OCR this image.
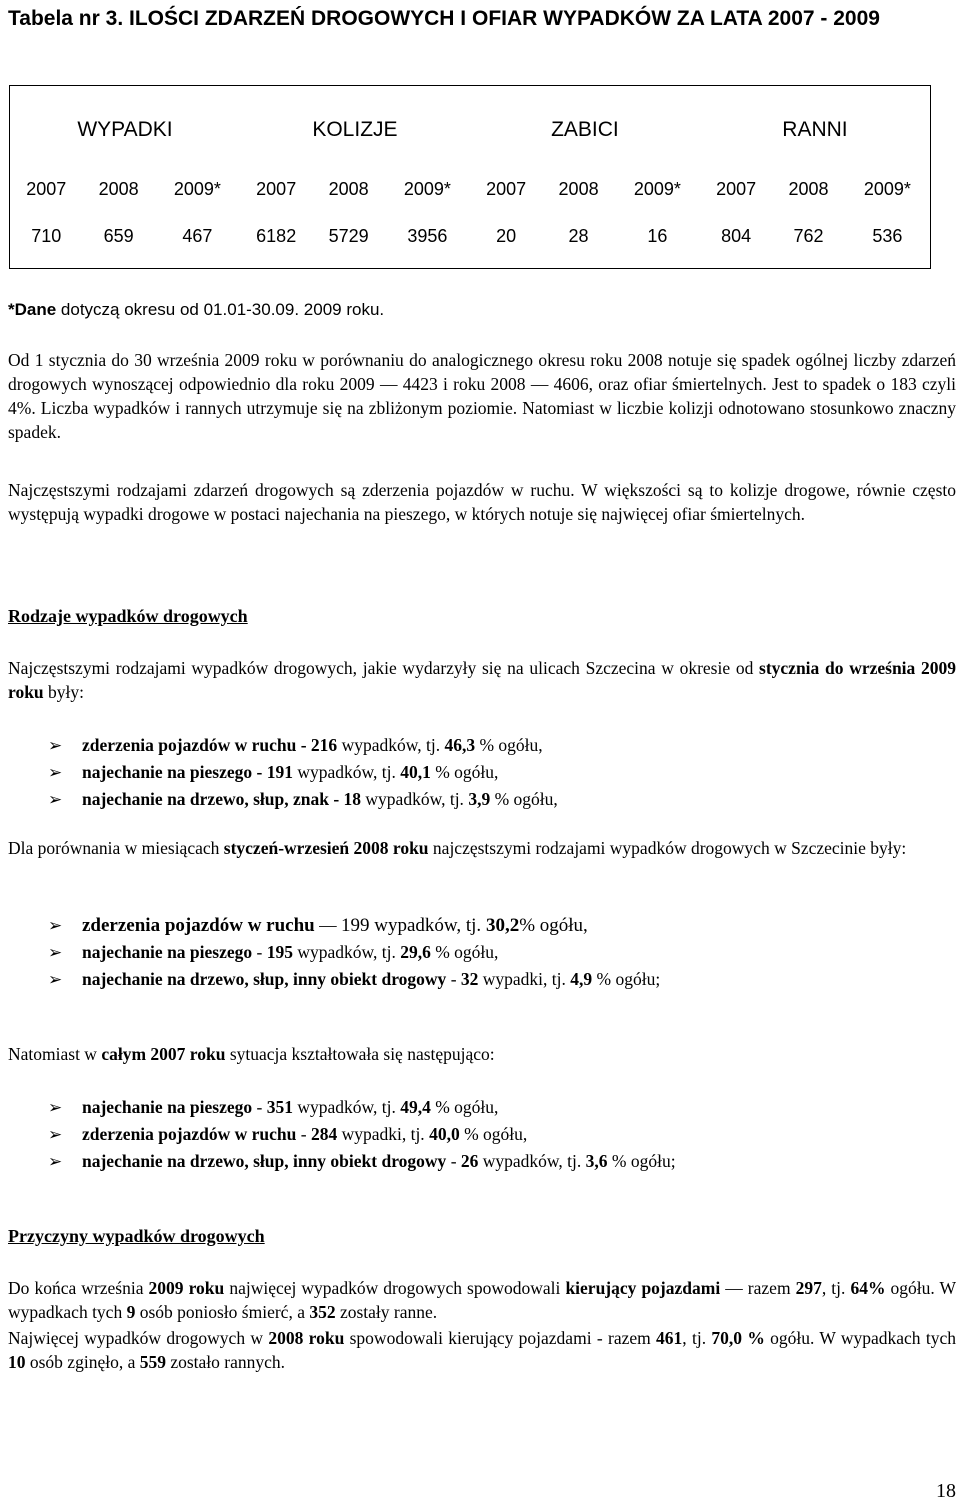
Tabela nr 3. ILOŚCI ZDARZEŃ DROGOWYCH I OFIAR WYPADKÓW ZA LATA 2007 - 2009
WYPADKI			KOLIZJE			ZABICI			RANNI		
2007	2008	2009*	2007	2008	2009*	2007	2008	2009*	2007	2008	2009*
710	659	467	6182	5729	3956	20	28	16	804	762	536
*Dane dotyczą okresu od 01.01-30.09. 2009 roku.
Od 1 stycznia do 30 września 2009 roku w porównaniu do analogicznego okresu roku 2008 notuje się spadek ogólnej liczby zdarzeń drogowych wynoszącej odpowiednio dla roku 2009 — 4423 i roku 2008 — 4606, oraz ofiar śmiertelnych. Jest to spadek o 183 czyli 4%. Liczba wypadków i rannych utrzymuje się na zbliżonym poziomie. Natomiast w liczbie kolizji odnotowano stosunkowo znaczny spadek.
Najczęstszymi rodzajami zdarzeń drogowych są zderzenia pojazdów w ruchu. W większości są to kolizje drogowe, równie często występują wypadki drogowe w postaci najechania na pieszego, w których notuje się najwięcej ofiar śmiertelnych.
Rodzaje wypadków drogowych
Najczęstszymi rodzajami wypadków drogowych, jakie wydarzyły się na ulicach Szczecina w okresie od stycznia do września 2009 roku były:
➢ zderzenia pojazdów w ruchu - 216 wypadków, tj. 46,3 % ogółu,
➢ najechanie na pieszego - 191 wypadków, tj. 40,1 % ogółu,
➢ najechanie na drzewo, słup, znak - 18 wypadków, tj. 3,9 % ogółu,
Dla porównania w miesiącach styczeń-wrzesień 2008 roku najczęstszymi rodzajami wypadków drogowych w Szczecinie były:
➢ zderzenia pojazdów w ruchu — 199 wypadków, tj. 30,2% ogółu,
➢ najechanie na pieszego - 195 wypadków, tj. 29,6 % ogółu,
➢ najechanie na drzewo, słup, inny obiekt drogowy - 32 wypadki, tj. 4,9 % ogółu;
Natomiast w całym 2007 roku sytuacja kształtowała się następująco:
➢ najechanie na pieszego - 351 wypadków, tj. 49,4 % ogółu,
➢ zderzenia pojazdów w ruchu - 284 wypadki, tj. 40,0 % ogółu,
➢ najechanie na drzewo, słup, inny obiekt drogowy - 26 wypadków, tj. 3,6 % ogółu;
Przyczyny wypadków drogowych
Do końca września 2009 roku najwięcej wypadków drogowych spowodowali kierujący pojazdami — razem 297, tj. 64% ogółu. W wypadkach tych 9 osób poniosło śmierć, a 352 zostały ranne.
Najwięcej wypadków drogowych w 2008 roku spowodowali kierujący pojazdami - razem 461, tj. 70,0 % ogółu. W wypadkach tych 10 osób zginęło, a 559 zostało rannych.
18
